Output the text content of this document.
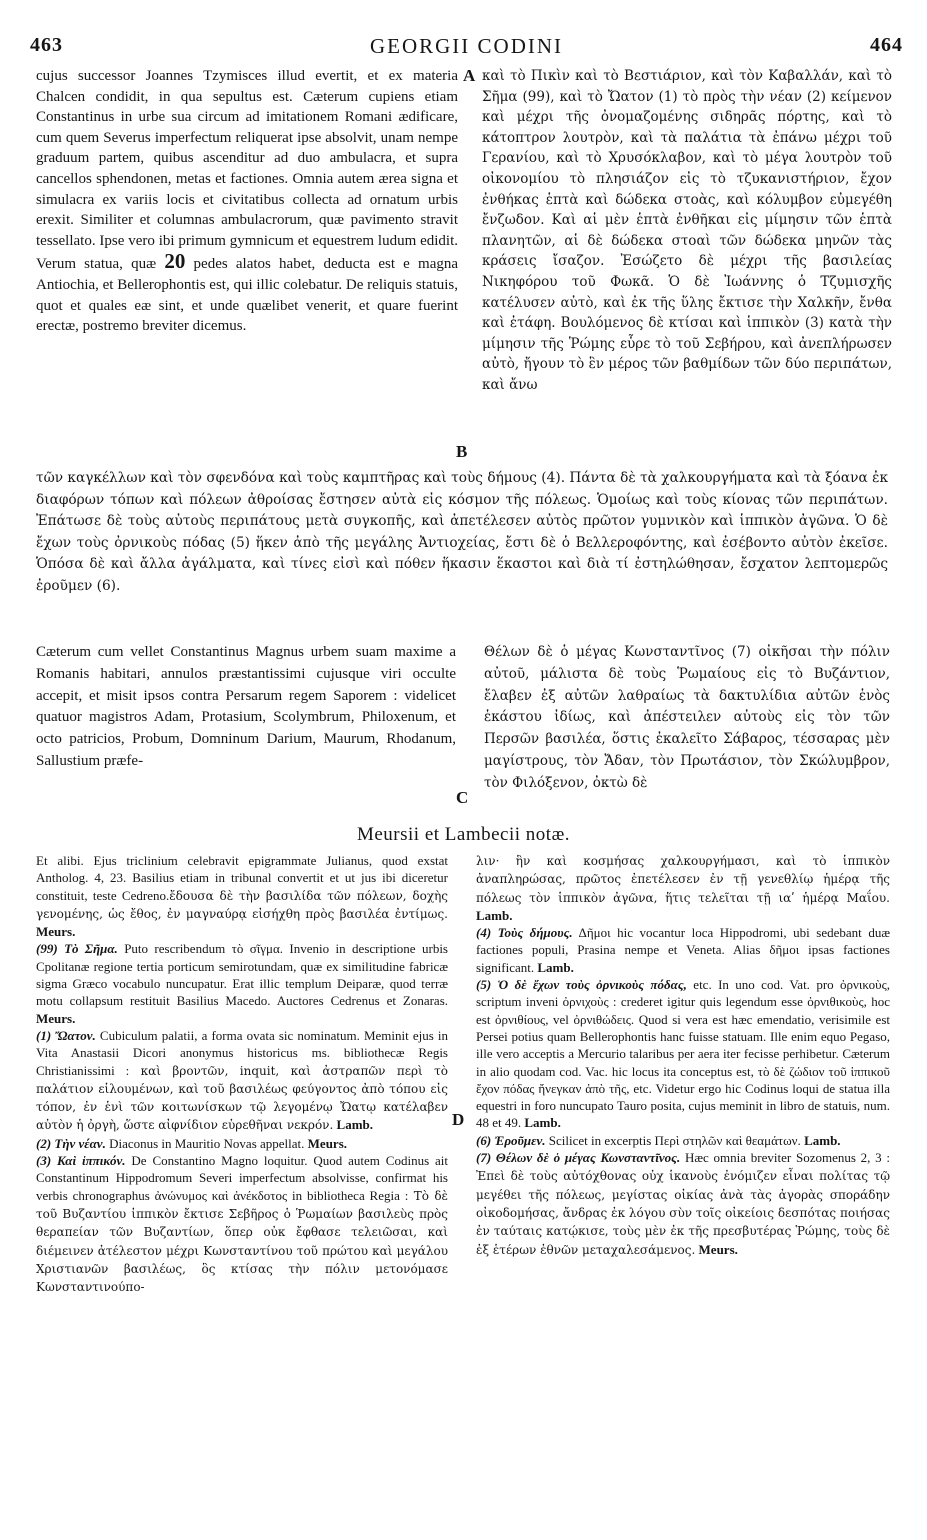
463	GEORGII CODINI	464

cujus successor Joannes Tzymisces illud evertit, et ex materia Chalcen condidit, in qua sepultus est. Cæterum cupiens etiam Constantinus in urbe sua circum ad imitationem Romani ædificare, cum quem Severus imperfectum reliquerat ipse absolvit, unam nempe graduum partem, quibus ascenditur ad duo ambulacra, et supra cancellos sphendonen, metas et factiones. Omnia autem ærea signa et simulacra ex variis locis et civitatibus collecta ad ornatum urbis erexit. Similiter et columnas ambulacrorum, quæ pavimento stravit tessellato. Ipse vero ibi primum gymnicum et equestrem ludum edidit. Verum statua, quæ 20 pedes alatos habet, deducta est e magna Antiochia, et Bellerophontis est, qui illic colebatur. De reliquis statuis, quot et quales eæ sint, et unde quælibet venerit, et quare fuerint erectæ, postremo breviter dicemus.

A
B

καὶ τὸ Πικὶν καὶ τὸ Βεστιάριον, καὶ τὸν Καβαλλάν, καὶ τὸ Σῆμα (99), καὶ τὸ Ὤατον (1) τὸ πρὸς τὴν νέαν (2) κείμενον καὶ μέχρι τῆς ὀνομαζομένης σιδηρᾶς πόρτης, καὶ τὸ κάτοπτρον λουτρὸν, καὶ τὰ παλάτια τὰ ἐπάνω μέχρι τοῦ Γερανίου, καὶ τὸ Χρυσόκλαβον, καὶ τὸ μέγα λουτρὸν τοῦ οἰκονομίου τὸ πλησιάζον εἰς τὸ τζυκανιστήριον, ἔχον ἐνθήκας ἑπτὰ καὶ δώδεκα στοὰς, καὶ κόλυμβον εὐμεγέθη ἔνζωδον. Καὶ αἱ μὲν ἑπτὰ ἐνθῆκαι εἰς μίμησιν τῶν ἑπτὰ πλανητῶν, αἱ δὲ δώδεκα στοαὶ τῶν δώδεκα μηνῶν τὰς κράσεις ἴσαζον. Ἐσώζετο δὲ μέχρι τῆς βασιλείας Νικηφόρου τοῦ Φωκᾶ. Ὁ δὲ Ἰωάννης ὁ Τζυμισχῆς κατέλυσεν αὐτὸ, καὶ ἐκ τῆς ὕλης ἔκτισε τὴν Χαλκῆν, ἔνθα καὶ ἐτάφη. Βουλόμενος δὲ κτίσαι καὶ ἱππικὸν (3) κατὰ τὴν μίμησιν τῆς Ῥώμης εὗρε τὸ τοῦ Σεβήρου, καὶ ἀνεπλήρωσεν αὐτὸ, ἤγουν τὸ ἓν μέρος τῶν βαθμίδων τῶν δύο περιπάτων, καὶ ἄνω

τῶν καγκέλλων καὶ τὸν σφενδόνα καὶ τοὺς καμπτῆρας καὶ τοὺς δήμους (4). Πάντα δὲ τὰ χαλκουργήματα καὶ τὰ ξόανα ἐκ διαφόρων τόπων καὶ πόλεων ἀθροίσας ἔστησεν αὐτὰ εἰς κόσμον τῆς πόλεως. Ὁμοίως καὶ τοὺς κίονας τῶν περιπάτων. Ἐπάτωσε δὲ τοὺς αὐτοὺς περιπάτους μετὰ συγκοπῆς, καὶ ἀπετέλεσεν αὐτὸς πρῶτον γυμνικὸν καὶ ἱππικὸν ἀγῶνα. Ὁ δὲ ἔχων τοὺς ὀρνικοὺς πόδας (5) ἥκεν ἀπὸ τῆς μεγάλης Ἀντιοχείας, ἔστι δὲ ὁ Βελλεροφόντης, καὶ ἐσέβοντο αὐτὸν ἐκεῖσε. Ὁπόσα δὲ καὶ ἄλλα ἀγάλματα, καὶ τίνες εἰσὶ καὶ πόθεν ἥκασιν ἕκαστοι καὶ διὰ τί ἐστηλώθησαν, ἔσχατον λεπτομερῶς ἐροῦμεν (6).

Cæterum cum vellet Constantinus Magnus urbem suam maxime a Romanis habitari, annulos præstantissimi cujusque viri occulte accepit, et misit ipsos contra Persarum regem Saporem : videlicet quatuor magistros Adam, Protasium, Scolymbrum, Philoxenum, et octo patricios, Probum, Domninum Darium, Maurum, Rhodanum, Sallustium præfe-

C

Θέλων δὲ ὁ μέγας Κωνσταντῖνος (7) οἰκῆσαι τὴν πόλιν αὐτοῦ, μάλιστα δὲ τοὺς Ῥωμαίους εἰς τὸ Βυζάντιον, ἔλαβεν ἐξ αὐτῶν λαθραίως τὰ δακτυλίδια αὐτῶν ἑνὸς ἑκάστου ἰδίως, καὶ ἀπέστειλεν αὐτοὺς εἰς τὸν τῶν Περσῶν βασιλέα, ὅστις ἐκαλεῖτο Σάβαρος, τέσσαρας μὲν μαγίστρους, τὸν Ἄδαν, τὸν Πρωτάσιον, τὸν Σκώλυμβρον, τὸν Φιλόξενον, ὀκτὼ δὲ

Meursii et Lambecii notæ.
D

Et alibi. Ejus triclinium celebravit epigrammate Julianus, quod exstat Antholog. 4, 23. Basilius etiam in tribunal convertit et ut jus ibi diceretur constituit, teste Cedreno.ἔδουσα δὲ τὴν βασιλίδα τῶν πόλεων, δοχὴς γενομένης, ὡς ἔθος, ἐν μαγναύρᾳ εἰσήχθη πρὸς βασιλέα ἐντίμως. Meurs.

(99) Τὸ Σῆμα. Puto rescribendum τὸ σῖγμα. Invenio in descriptione urbis Cpolitanæ regione tertia porticum semirotundam, quæ ex similitudine fabricæ sigma Græco vocabulo nuncupatur. Erat illic templum Deiparæ, quod terræ motu collapsum restituit Basilius Macedo. Auctores Cedrenus et Zonaras. Meurs.

(1) Ὤατον. Cubiculum palatii, a forma ovata sic nominatum. Meminit ejus in Vita Anastasii Dicori anonymus historicus ms. bibliothecæ Regis Christianissimi : καὶ βροντῶν, inquit, καὶ ἀστραπῶν περὶ τὸ παλάτιον εἱλουμένων, καὶ τοῦ βασιλέως φεύγοντος ἀπὸ τόπου εἰς τόπον, ἐν ἑνὶ τῶν κοιτωνίσκων τῷ λεγομένῳ Ὤατῳ κατέλαβεν αὐτὸν ἡ ὀργὴ, ὥστε αἰφνίδιον εὑρεθῆναι νεκρόν. Lamb.

(2) Τὴν νέαν. Diaconus in Mauritio Novas appellat. Meurs.

(3) Καὶ ἱππικόν. De Constantino Magno loquitur. Quod autem Codinus ait Constantinum Hippodromum Severi imperfectum absolvisse, confirmat his verbis chronographus ἀνώνυμος καὶ ἀνέκδοτος in bibliotheca Regia : Τὸ δὲ τοῦ Βυζαντίου ἱππικὸν ἔκτισε Σεβῆρος ὁ Ῥωμαίων βασιλεὺς πρὸς θεραπείαν τῶν Βυζαντίων, ὅπερ οὐκ ἔφθασε τελειῶσαι, καὶ διέμεινεν ἀτέλεστον μέχρι Κωνσταντίνου τοῦ πρώτου καὶ μεγάλου Χριστιανῶν βασιλέως, ὃς κτίσας τὴν πόλιν μετονόμασε Κωνσταντινούπο-

λιν· ἣν καὶ κοσμήσας χαλκουργήμασι, καὶ τὸ ἱππικὸν ἀναπληρώσας, πρῶτος ἐπετέλεσεν ἐν τῇ γενεθλίῳ ἡμέρᾳ τῆς πόλεως τὸν ἱππικὸν ἀγῶνα, ἥτις τελεῖται τῇ ιαʹ ἡμέρᾳ Μαΐου. Lamb.

(4) Τοὺς δήμους. Δῆμοι hic vocantur loca Hippodromi, ubi sedebant duæ factiones populi, Prasina nempe et Veneta. Alias δῆμοι ipsas factiones significant. Lamb.

(5) Ὁ δὲ ἔχων τοὺς ὀρνικοὺς πόδας, etc. In uno cod. Vat. pro ὀρνικοὺς, scriptum inveni ὀρνιχοὺς : crederet igitur quis legendum esse ὀρνιθικοὺς, hoc est ὀρνιθίους, vel ὀρνιθώδεις. Quod si vera est hæc emendatio, verisimile est Persei potius quam Bellerophontis hanc fuisse statuam. Ille enim equo Pegaso, ille vero acceptis a Mercurio talaribus per aera iter fecisse perhibetur. Cæterum in alio quodam cod. Vac. hic locus ita conceptus est, τὸ δὲ ζώδιον τοῦ ἱππικοῦ ἔχον πόδας ἤνεγκαν ἀπὸ τῆς, etc. Videtur ergo hic Codinus loqui de statua illa equestri in foro nuncupato Tauro posita, cujus meminit in libro de statuis, num. 48 et 49. Lamb.

(6) Ἐροῦμεν. Scilicet in excerptis Περὶ στηλῶν καὶ θεαμάτων. Lamb.

(7) Θέλων δὲ ὁ μέγας Κωνσταντῖνος. Hæc omnia breviter Sozomenus 2, 3 : Ἐπεὶ δὲ τοὺς αὐτόχθονας οὐχ ἱκανοὺς ἐνόμιζεν εἶναι πολίτας τῷ μεγέθει τῆς πόλεως, μεγίστας οἰκίας ἀνὰ τὰς ἀγορὰς σποράδην οἰκοδομήσας, ἄνδρας ἐκ λόγου σὺν τοῖς οἰκείοις δεσπότας ποιήσας ἐν ταύταις κατῴκισε, τοὺς μὲν ἐκ τῆς πρεσβυτέρας Ῥώμης, τοὺς δὲ ἐξ ἑτέρων ἐθνῶν μεταχαλεσάμενος. Meurs.
